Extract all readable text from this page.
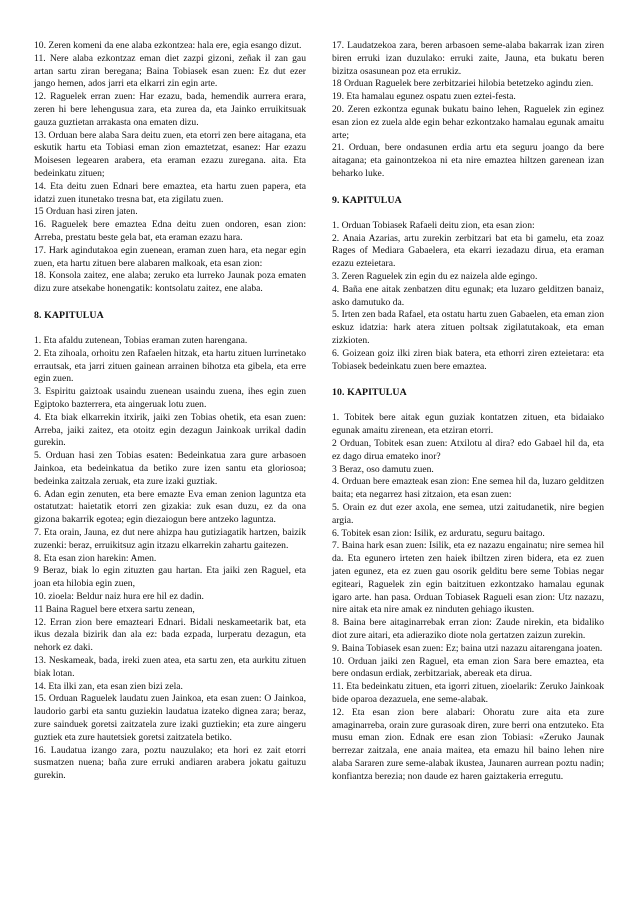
10. Zeren komeni da ene alaba ezkontzea: hala ere, egia esango dizut.

11. Nere alaba ezkontzaz eman diet zazpi gizoni, zeñak il zan gau artan sartu ziran beregana; Baina Tobiasek esan zuen: Ez dut ezer jango hemen, ados jarri eta elkarri zin egin arte.

12. Raguelek erran zuen: Har ezazu, bada, hemendik aurrera erara, zeren hi bere lehengusua zara, eta zurea da, eta Jainko erruikitsuak gauza guztietan arrakasta ona ematen dizu.

13. Orduan bere alaba Sara deitu zuen, eta etorri zen bere aitagana, eta eskutik hartu eta Tobiasi eman zion emaztetzat, esanez: Har ezazu Moisesen legearen arabera, eta eraman ezazu zuregana. aita. Eta bedeinkatu zituen;

14. Eta deitu zuen Ednari bere emaztea, eta hartu zuen papera, eta idatzi zuen itunetako tresna bat, eta zigilatu zuen.

15 Orduan hasi ziren jaten.

16. Raguelek bere emaztea Edna deitu zuen ondoren, esan zion: Arreba, prestatu beste gela bat, eta eraman ezazu hara.

17. Hark agindutakoa egin zuenean, eraman zuen hara, eta negar egin zuen, eta hartu zituen bere alabaren malkoak, eta esan zion:

18. Konsola zaitez, ene alaba; zeruko eta lurreko Jaunak poza ematen dizu zure atsekabe honengatik: kontsolatu zaitez, ene alaba.

8. KAPITULUA

1. Eta afaldu zutenean, Tobias eraman zuten harengana.

2. Eta zihoala, orhoitu zen Rafaelen hitzak, eta hartu zituen lurrinetako errautsak, eta jarri zituen gainean arrainen bihotza eta gibela, eta erre egin zuen.

3. Espiritu gaiztoak usaindu zuenean usaindu zuena, ihes egin zuen Egiptoko bazterrera, eta aingeruak lotu zuen.

4. Eta biak elkarrekin itxirik, jaiki zen Tobias ohetik, eta esan zuen: Arreba, jaiki zaitez, eta otoitz egin dezagun Jainkoak urrikal dadin gurekin.

5. Orduan hasi zen Tobias esaten: Bedeinkatua zara gure arbasoen Jainkoa, eta bedeinkatua da betiko zure izen santu eta gloriosoa; bedeinka zaitzala zeruak, eta zure izaki guztiak.

6. Adan egin zenuten, eta bere emazte Eva eman zenion laguntza eta ostatutzat: haietatik etorri zen gizakia: zuk esan duzu, ez da ona gizona bakarrik egotea; egin diezaiogun bere antzeko laguntza.

7. Eta orain, Jauna, ez dut nere ahizpa hau gutiziagatik hartzen, baizik zuzenki: beraz, erruikitsuz agin itzazu elkarrekin zahartu gaitezen.

8. Eta esan zion harekin: Amen.

9 Beraz, biak lo egin zituzten gau hartan. Eta jaiki zen Raguel, eta joan eta hilobia egin zuen,

10. zioela: Beldur naiz hura ere hil ez dadin.

11 Baina Raguel bere etxera sartu zenean,

12. Erran zion bere emazteari Ednari. Bidali neskameetarik bat, eta ikus dezala bizirik dan ala ez: bada ezpada, lurperatu dezagun, eta nehork ez daki.

13. Neskameak, bada, ireki zuen atea, eta sartu zen, eta aurkitu zituen biak lotan.

14. Eta ilki zan, eta esan zien bizi zela.

15. Orduan Raguelek laudatu zuen Jainkoa, eta esan zuen: O Jainkoa, laudorio garbi eta santu guziekin laudatua izateko digneа zara; beraz, zure sainduek goretsi zaitzatela zure izaki guztiekin; eta zure aingeru guztiek eta zure hautetsiek goretsi zaitzatela betiko.

16. Laudatua izango zara, poztu nauzulako; eta hori ez zait etorri susmatzen nuena; baña zure erruki andiaren arabera jokatu gaituzu gurekin.

17. Laudatzekoa zara, beren arbasoen seme-alaba bakarrak izan ziren biren erruki izan duzulako: erruki zaite, Jauna, eta bukatu beren bizitza osasunean poz eta errukiz.

18 Orduan Raguelek bere zerbitzariei hilobia betetzeko agindu zien.

19. Eta hamalau egunez ospatu zuen eztei-festa.

20. Zeren ezkontza egunak bukatu baino lehen, Raguelek zin eginez esan zion ez zuela alde egin behar ezkontzako hamalau egunak amaitu arte;

21. Orduan, bere ondasunen erdia artu eta seguru joango da bere aitagana; eta gainontzekoa ni eta nire emaztea hiltzen garenean izan beharko luke.

9. KAPITULUA

1. Orduan Tobiasek Rafaeli deitu zion, eta esan zion:

2. Anaia Azarias, artu zurekin zerbitzari bat eta bi gamelu, eta zoaz Rages of Mediara Gabaelera, eta ekarri iezadazu dirua, eta eraman ezazu ezteietara.

3. Zeren Raguelek zin egin du ez naizela alde egingo.

4. Baña ene aitak zenbatzen ditu egunak; eta luzaro gelditzen banaiz, asko damutuko da.

5. Irten zen bada Rafael, eta ostatu hartu zuen Gabaelen, eta eman zion eskuz idatzia: hark atera zituen poltsak zigilatutakoak, eta eman zizkioten.

6. Goizean goiz ilki ziren biak batera, eta ethorri ziren ezteietara: eta Tobiasek bedeinkatu zuen bere emaztea.

10. KAPITULUA

1. Tobitek bere aitak egun guziak kontatzen zituen, eta bidaiako egunak amaitu zirenean, eta etziran etorri.

2 Orduan, Tobitek esan zuen: Atxilotu al dira? edo Gabael hil da, eta ez dago dirua emateko inor?

3 Beraz, oso damutu zuen.

4. Orduan bere emazteak esan zion: Ene semea hil da, luzaro gelditzen baita; eta negarrez hasi zitzaion, eta esan zuen:

5. Orain ez dut ezer axola, ene semea, utzi zaitudanetik, nire begien argia.

6. Tobitek esan zion: Isilik, ez arduratu, seguru baitago.

7. Baina hark esan zuen: Isilik, eta ez nazazu engainatu; nire semea hil da. Eta egunero irteten zen haiek ibiltzen ziren bidera, eta ez zuen jaten egunez, eta ez zuen gau osorik gelditu bere seme Tobias negar egiteari, Raguelek zin egin baitzituen ezkontzako hamalau egunak igaro arte. han pasa. Orduan Tobiasek Ragueli esan zion: Utz nazazu, nire aitak eta nire amak ez ninduten gehiago ikusten.

8. Baina bere aitaginarrebak erran zion: Zaude nirekin, eta bidaliko diot zure aitari, eta adierazіko diote nola gertatzen zaizun zurekin.

9. Baina Tobiasek esan zuen: Ez; baina utzi nazazu aitarengana joaten.

10. Orduan jaiki zen Raguel, eta eman zion Sara bere emaztea, eta bere ondasun erdiak, zerbitzariak, abereak eta dirua.

11. Eta bedeinkatu zituen, eta igorri zituen, zioelarik: Zeruko Jainkoak bide oparoa dezazuela, ene seme-alabak.

12. Eta esan zion bere alabari: Ohoratu zure aita eta zure amaginarreba, orain zure gurasoak diren, zure berri ona entzuteko. Eta musu eman zion. Ednak ere esan zion Tobiasi: «Zeruko Jaunak berrezar zaitzala, ene anaia maitea, eta emazu hil baino lehen nire alaba Sararen zure seme-alabak ikustea, Jaunaren aurrean poztu nadin; konfiantza berezia; non daude ez haren gaiztakeria erregutu.
